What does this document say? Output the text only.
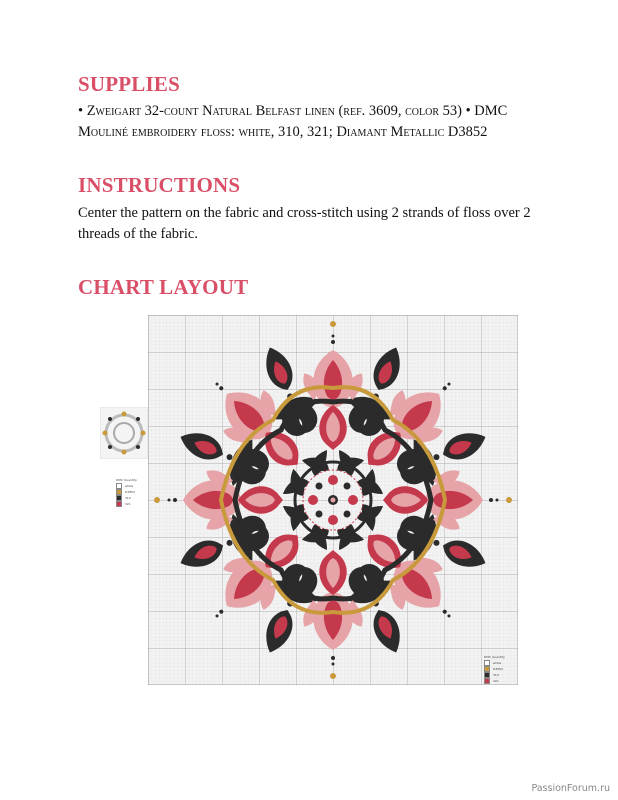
SUPPLIES

• Zweigart 32-count Natural Belfast linen (ref. 3609, color 53) • DMC Mouliné embroidery floss: white, 310, 321; Diamant Metallic D3852

INSTRUCTIONS

Center the pattern on the fabric and cross-stitch using 2 strands of floss over 2 threads of the fabric.

CHART LAYOUT
DMC Quantity
white
D3852
310
321
DMC Quantity
white
D3852
310
321
PassionForum.ru
